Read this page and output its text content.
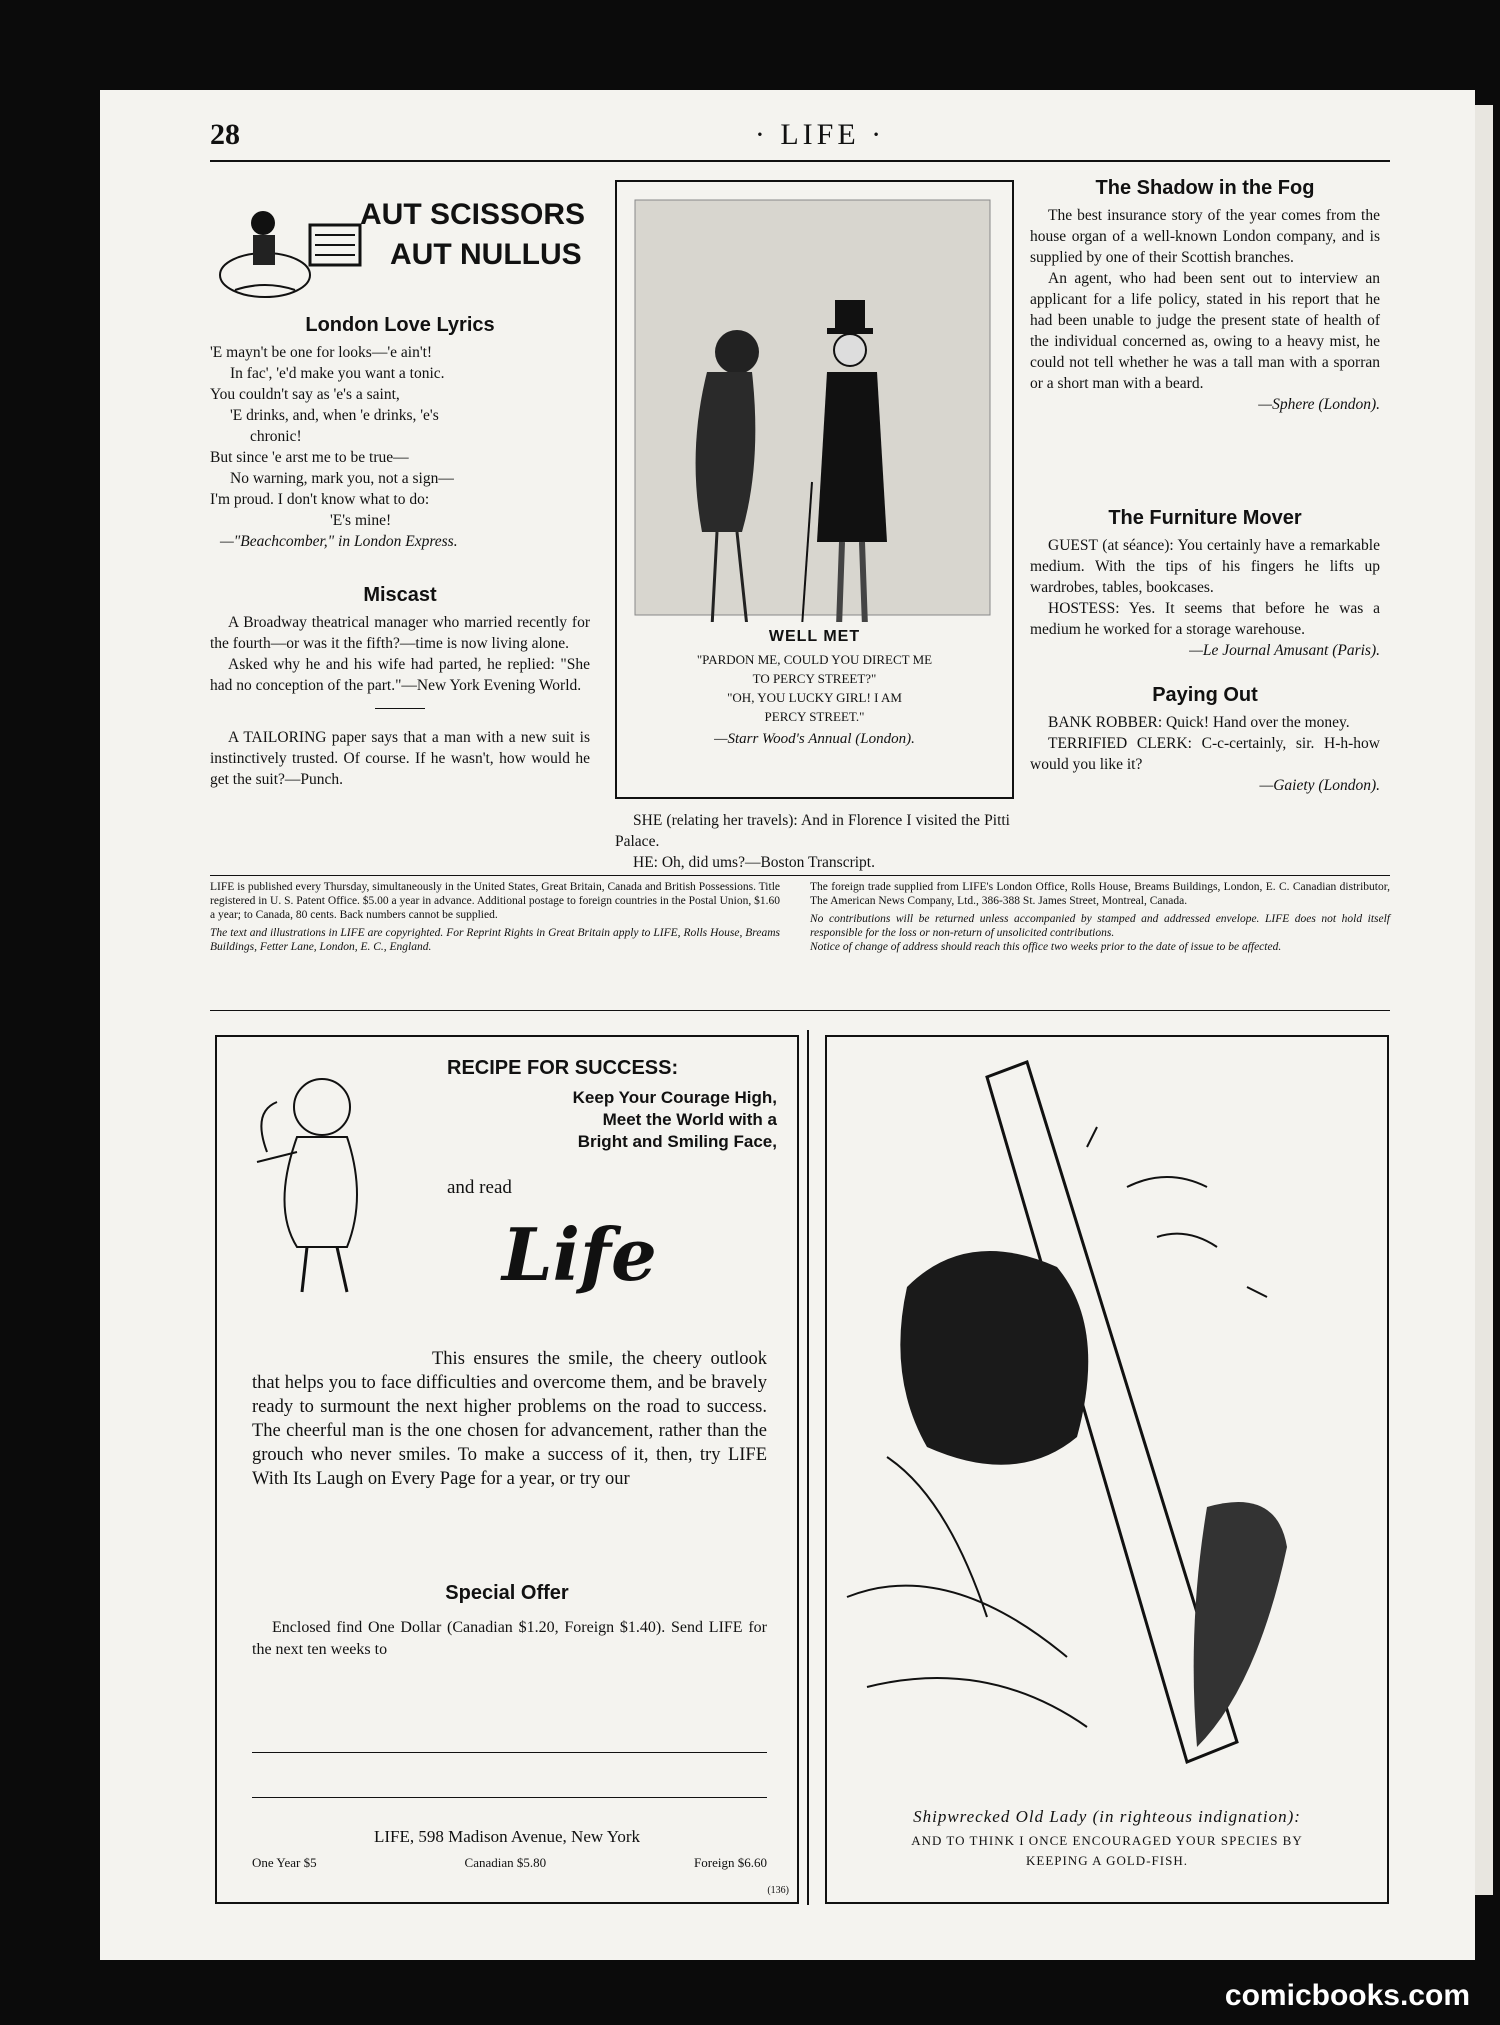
28	· LIFE ·
AUT SCISSORS
AUT NULLUS
London Love Lyrics

'E mayn't be one for looks—'e ain't!

In fac', 'e'd make you want a tonic.

You couldn't say as 'e's a saint,

'E drinks, and, when 'e drinks, 'e's

chronic!

But since 'e arst me to be true—

No warning, mark you, not a sign—

I'm proud. I don't know what to do:

'E's mine!

—"Beachcomber," in London Express.

Miscast

A Broadway theatrical manager who married recently for the fourth—or was it the fifth?—time is now living alone.

Asked why he and his wife had parted, he replied: "She had no conception of the part."—New York Evening World.

A TAILORING paper says that a man with a new suit is instinctively trusted. Of course. If he wasn't, how would he get the suit?—Punch.

WELL MET
"PARDON ME, COULD YOU DIRECT ME
TO PERCY STREET?"
"OH, YOU LUCKY GIRL! I AM
PERCY STREET."
—Starr Wood's Annual (London).

SHE (relating her travels): And in Florence I visited the Pitti Palace.

HE: Oh, did ums?—Boston Transcript.

The Shadow in the Fog

The best insurance story of the year comes from the house organ of a well-known London company, and is supplied by one of their Scottish branches.

An agent, who had been sent out to interview an applicant for a life policy, stated in his report that he had been unable to judge the present state of health of the individual concerned as, owing to a heavy mist, he could not tell whether he was a tall man with a sporran or a short man with a beard.

—Sphere (London).

The Furniture Mover

GUEST (at séance): You certainly have a remarkable medium. With the tips of his fingers he lifts up wardrobes, tables, bookcases.

HOSTESS: Yes. It seems that before he was a medium he worked for a storage warehouse.

—Le Journal Amusant (Paris).

Paying Out

BANK ROBBER: Quick! Hand over the money.

TERRIFIED CLERK: C-c-certainly, sir. H-h-how would you like it?

—Gaiety (London).

LIFE is published every Thursday, simultaneously in the United States, Great Britain, Canada and British Possessions. Title registered in U. S. Patent Office. $5.00 a year in advance. Additional postage to foreign countries in the Postal Union, $1.60 a year; to Canada, 80 cents. Back numbers cannot be supplied.

The text and illustrations in LIFE are copyrighted. For Reprint Rights in Great Britain apply to LIFE, Rolls House, Breams Buildings, Fetter Lane, London, E. C., England.

The foreign trade supplied from LIFE's London Office, Rolls House, Breams Buildings, London, E. C. Canadian distributor, The American News Company, Ltd., 386-388 St. James Street, Montreal, Canada.

No contributions will be returned unless accompanied by stamped and addressed envelope. LIFE does not hold itself responsible for the loss or non-return of unsolicited contributions.

Notice of change of address should reach this office two weeks prior to the date of issue to be affected.

RECIPE FOR SUCCESS:
Keep Your Courage High,
Meet the World with a
Bright and Smiling Face,
and read
Life

This ensures the smile, the cheery outlook that helps you to face difficulties and overcome them, and be bravely ready to surmount the next higher problems on the road to success. The cheerful man is the one chosen for advancement, rather than the grouch who never smiles. To make a success of it, then, try LIFE With Its Laugh on Every Page for a year, or try our

Special Offer

Enclosed find One Dollar (Canadian $1.20, Foreign $1.40). Send LIFE for the next ten weeks to

LIFE, 598 Madison Avenue, New York
One Year $5	Canadian $5.80	Foreign $6.60
(136)
Shipwrecked Old Lady (in righteous indignation):
AND TO THINK I ONCE ENCOURAGED YOUR SPECIES BY
KEEPING A GOLD-FISH.
comicbooks.com
